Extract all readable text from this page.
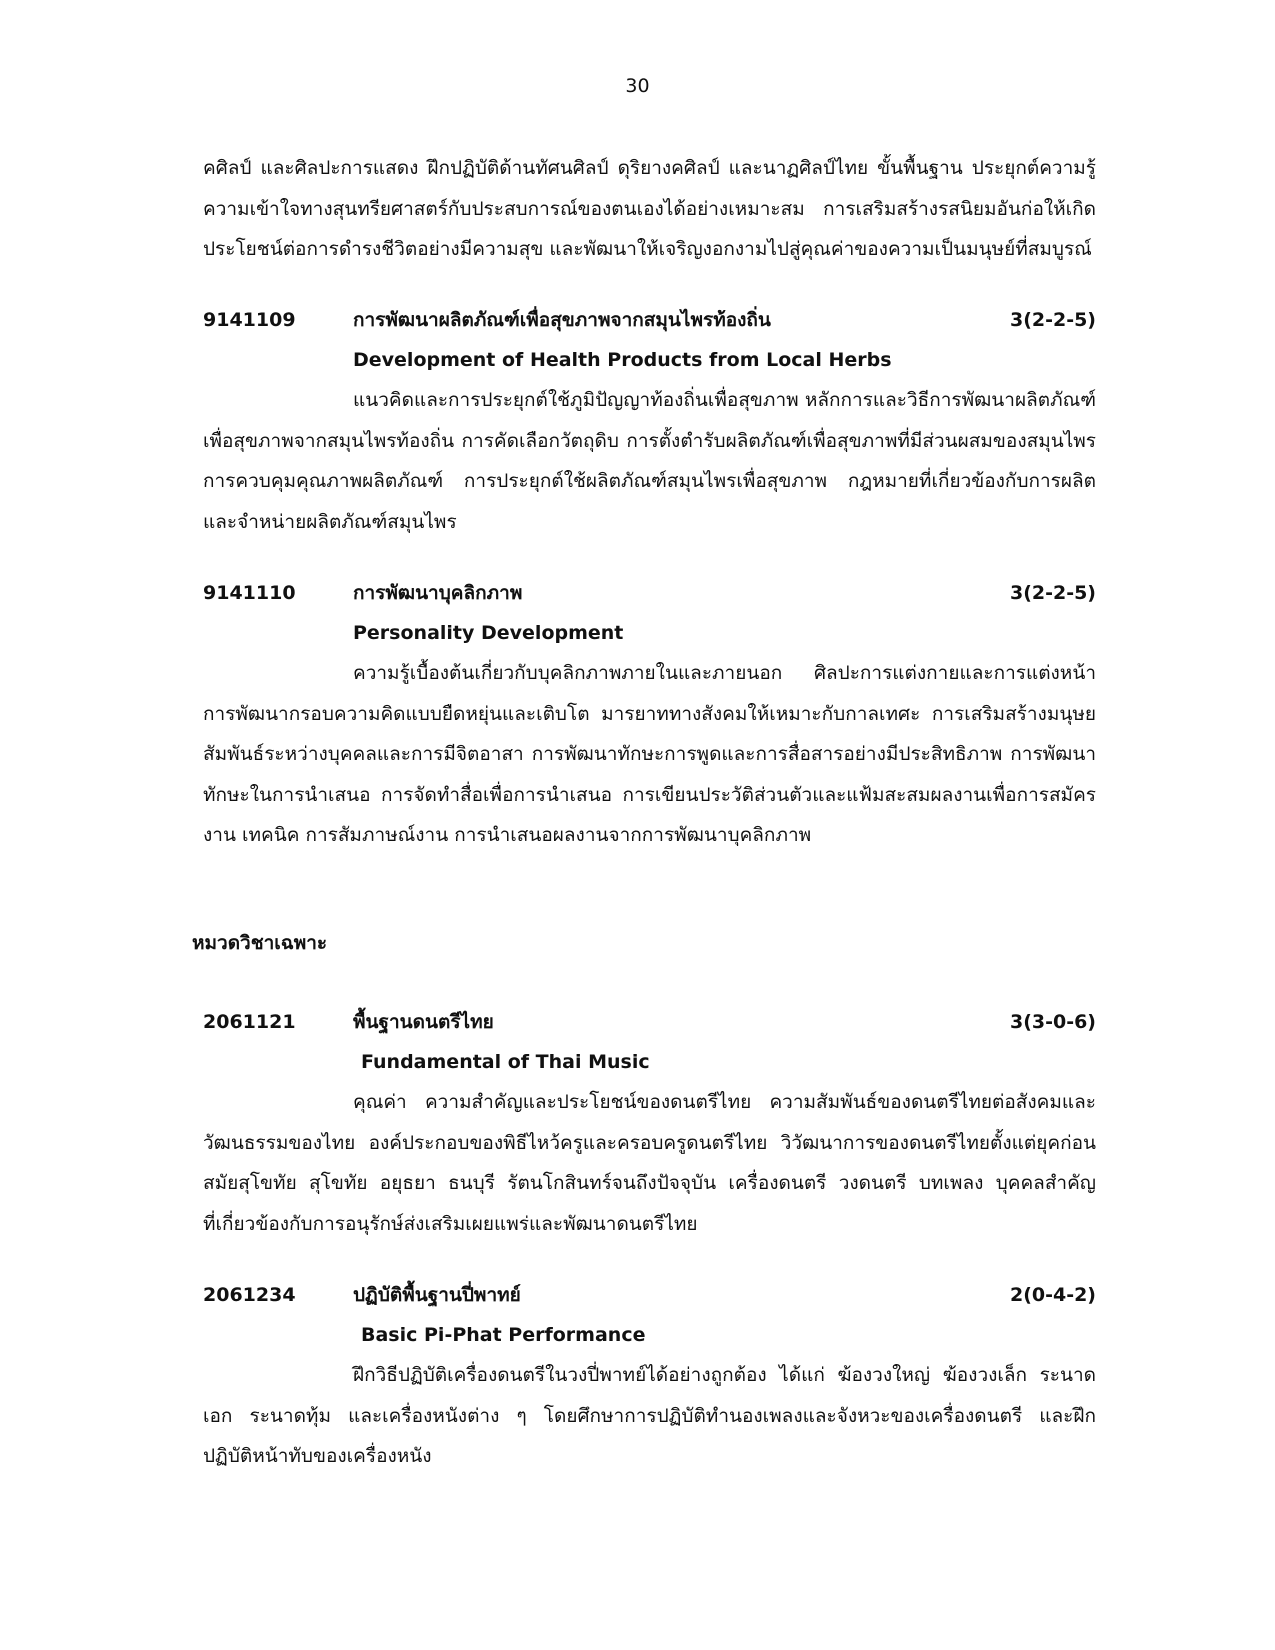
30

คศิลป์ และศิลปะการแสดง ฝึกปฏิบัติด้านทัศนศิลป์ ดุริยางคศิลป์ และนาฏศิลป์ไทย ขั้นพื้นฐาน ประยุกต์ความรู้

ความเข้าใจทางสุนทรียศาสตร์กับประสบการณ์ของตนเองได้อย่างเหมาะสม การเสริมสร้างรสนิยมอันก่อให้เกิด

ประโยชน์ต่อการดำรงชีวิตอย่างมีความสุข และพัฒนาให้เจริญงอกงามไปสู่คุณค่าของความเป็นมนุษย์ที่สมบูรณ์

9141109	การพัฒนาผลิตภัณฑ์เพื่อสุขภาพจากสมุนไพรท้องถิ่น	3(2-2-5)
Development of Health Products from Local Herbs

แนวคิดและการประยุกต์ใช้ภูมิปัญญาท้องถิ่นเพื่อสุขภาพ หลักการและวิธีการพัฒนาผลิตภัณฑ์

เพื่อสุขภาพจากสมุนไพรท้องถิ่น การคัดเลือกวัตถุดิบ การตั้งตำรับผลิตภัณฑ์เพื่อสุขภาพที่มีส่วนผสมของสมุนไพร

การควบคุมคุณภาพผลิตภัณฑ์ การประยุกต์ใช้ผลิตภัณฑ์สมุนไพรเพื่อสุขภาพ กฎหมายที่เกี่ยวข้องกับการผลิต

และจำหน่ายผลิตภัณฑ์สมุนไพร

9141110	การพัฒนาบุคลิกภาพ	3(2-2-5)
Personality Development

ความรู้เบื้องต้นเกี่ยวกับบุคลิกภาพภายในและภายนอก ศิลปะการแต่งกายและการแต่งหน้า

การพัฒนากรอบความคิดแบบยืดหยุ่นและเติบโต มารยาททางสังคมให้เหมาะกับกาลเทศะ การเสริมสร้างมนุษย

สัมพันธ์ระหว่างบุคคลและการมีจิตอาสา การพัฒนาทักษะการพูดและการสื่อสารอย่างมีประสิทธิภาพ การพัฒนา

ทักษะในการนำเสนอ การจัดทำสื่อเพื่อการนำเสนอ การเขียนประวัติส่วนตัวและแฟ้มสะสมผลงานเพื่อการสมัคร

งาน เทคนิค การสัมภาษณ์งาน การนำเสนอผลงานจากการพัฒนาบุคลิกภาพ

หมวดวิชาเฉพาะ
2061121	พื้นฐานดนตรีไทย	3(3-0-6)
Fundamental of Thai Music

คุณค่า ความสำคัญและประโยชน์ของดนตรีไทย ความสัมพันธ์ของดนตรีไทยต่อสังคมและ

วัฒนธรรมของไทย องค์ประกอบของพิธีไหว้ครูและครอบครูดนตรีไทย วิวัฒนาการของดนตรีไทยตั้งแต่ยุคก่อน

สมัยสุโขทัย สุโขทัย อยุธยา ธนบุรี รัตนโกสินทร์จนถึงปัจจุบัน เครื่องดนตรี วงดนตรี บทเพลง บุคคลสำคัญ

ที่เกี่ยวข้องกับการอนุรักษ์ส่งเสริมเผยแพร่และพัฒนาดนตรีไทย

2061234	ปฏิบัติพื้นฐานปี่พาทย์	2(0-4-2)
Basic Pi-Phat Performance

ฝึกวิธีปฏิบัติเครื่องดนตรีในวงปี่พาทย์ได้อย่างถูกต้อง ได้แก่ ฆ้องวงใหญ่ ฆ้องวงเล็ก ระนาด

เอก ระนาดทุ้ม และเครื่องหนังต่าง ๆ โดยศึกษาการปฏิบัติทำนองเพลงและจังหวะของเครื่องดนตรี และฝึก

ปฏิบัติหน้าทับของเครื่องหนัง
